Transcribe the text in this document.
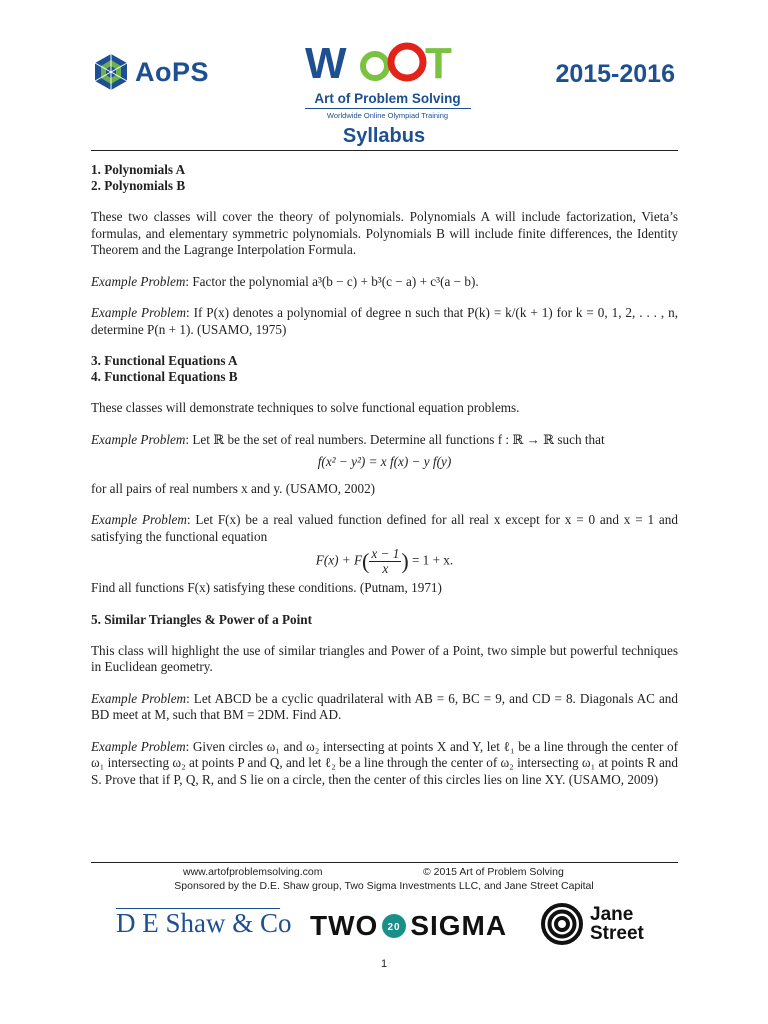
AoPS W T
Art of Problem Solving
Worldwide Online Olympiad Training
2015-2016
Syllabus
1. Polynomials A
2. Polynomials B

These two classes will cover the theory of polynomials. Polynomials A will include factorization, Vieta’s formulas, and elementary symmetric polynomials. Polynomials B will include finite differences, the Identity Theorem and the Lagrange Interpolation Formula.

Example Problem: Factor the polynomial a³(b − c) + b³(c − a) + c³(a − b).

Example Problem: If P(x) denotes a polynomial of degree n such that P(k) = k/(k + 1) for k = 0, 1, 2, . . . , n, determine P(n + 1). (USAMO, 1975)

3. Functional Equations A
4. Functional Equations B

These classes will demonstrate techniques to solve functional equation problems.

Example Problem: Let ℝ be the set of real numbers. Determine all functions f : ℝ → ℝ such that

f(x² − y²) = x f(x) − y f(y)

for all pairs of real numbers x and y. (USAMO, 2002)

Example Problem: Let F(x) be a real valued function defined for all real x except for x = 0 and x = 1 and satisfying the functional equation

$F(x) + F( \frac{x - 1}{x}$ ) = 1 + x.

Find all functions F(x) satisfying these conditions. (Putnam, 1971)

5. Similar Triangles & Power of a Point

This class will highlight the use of similar triangles and Power of a Point, two simple but powerful techniques in Euclidean geometry.

Example Problem: Let ABCD be a cyclic quadrilateral with AB = 6, BC = 9, and CD = 8. Diagonals AC and BD meet at M, such that BM = 2DM. Find AD.

Example Problem: Given circles ω₁ and ω₂ intersecting at points X and Y, let ℓ₁ be a line through the center of ω₁ intersecting ω₂ at points P and Q, and let ℓ₂ be a line through the center of ω₂ intersecting ω₁ at points R and S. Prove that if P, Q, R, and S lie on a circle, then the center of this circles lies on line XY. (USAMO, 2009)

www.artofproblemsolving.com	© 2015 Art of Problem Solving
Sponsored by the D.E. Shaw group, Two Sigma Investments LLC, and Jane Street Capital
D E Shaw & Co TWO 20 SIGMA	Jane
Street
1
